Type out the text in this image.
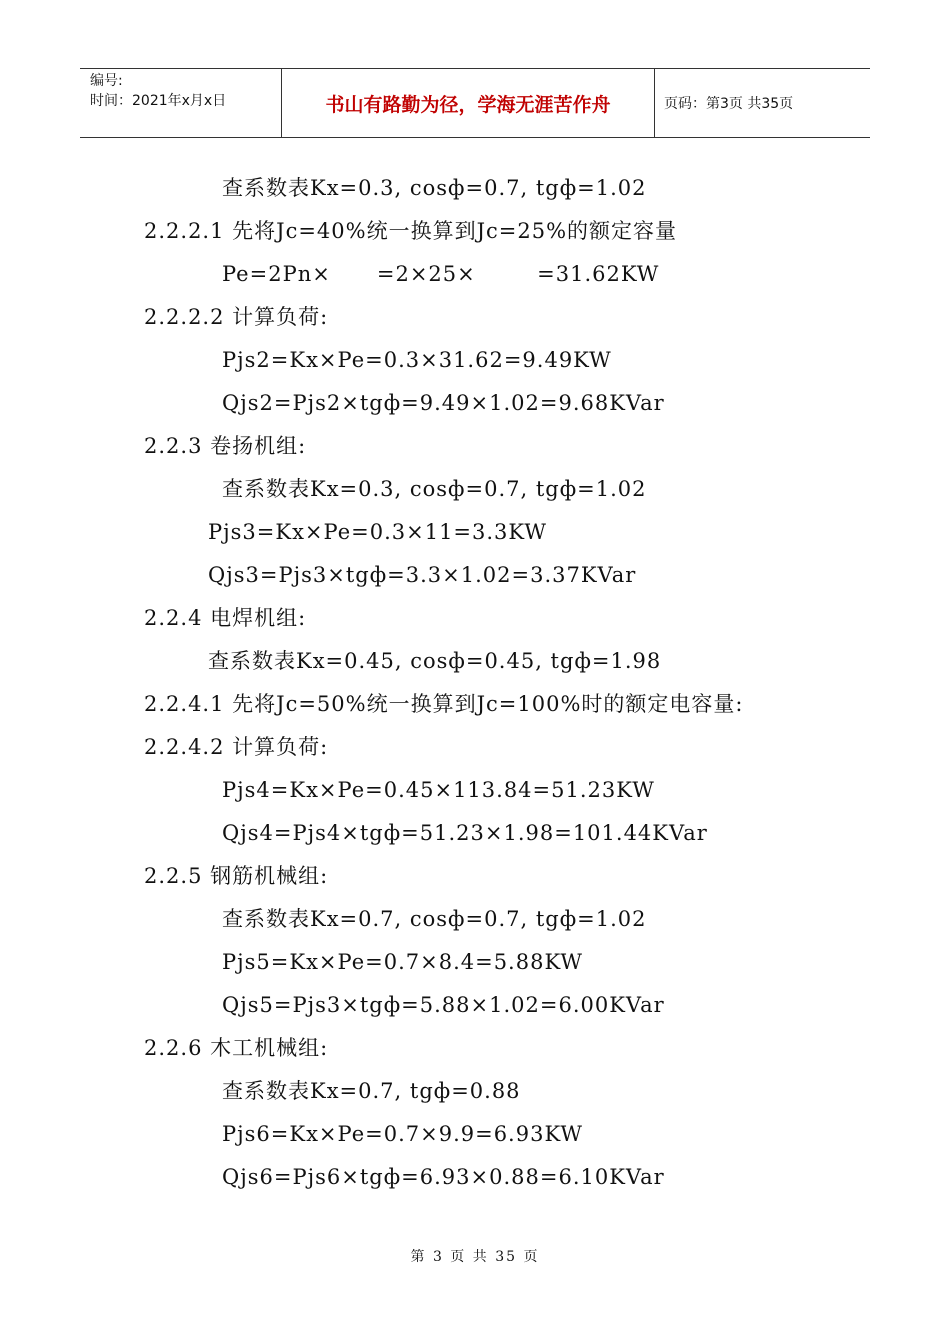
编号:
时间：2021年x月x日	书山有路勤为径，学海无涯苦作舟	页码：第3页 共35页
查系数表Kx=0.3, cosф=0.7, tgф=1.02
2.2.2.1 先将Jc=40%统一换算到Jc=25%的额定容量
Pe=2Pn×      =2×25×        =31.62KW
2.2.2.2 计算负荷:
Pjs2=Kx×Pe=0.3×31.62=9.49KW
Qjs2=Pjs2×tgф=9.49×1.02=9.68KVar
2.2.3 卷扬机组:
查系数表Kx=0.3, cosф=0.7, tgф=1.02
Pjs3=Kx×Pe=0.3×11=3.3KW
Qjs3=Pjs3×tgф=3.3×1.02=3.37KVar
2.2.4 电焊机组:
查系数表Kx=0.45, cosф=0.45, tgф=1.98
2.2.4.1 先将Jc=50%统一换算到Jc=100%时的额定电容量:
2.2.4.2 计算负荷:
Pjs4=Kx×Pe=0.45×113.84=51.23KW
Qjs4=Pjs4×tgф=51.23×1.98=101.44KVar
2.2.5 钢筋机械组:
查系数表Kx=0.7, cosф=0.7, tgф=1.02
Pjs5=Kx×Pe=0.7×8.4=5.88KW
Qjs5=Pjs3×tgф=5.88×1.02=6.00KVar
2.2.6 木工机械组:
查系数表Kx=0.7, tgф=0.88
Pjs6=Kx×Pe=0.7×9.9=6.93KW
Qjs6=Pjs6×tgф=6.93×0.88=6.10KVar
第 3 页 共 35 页
